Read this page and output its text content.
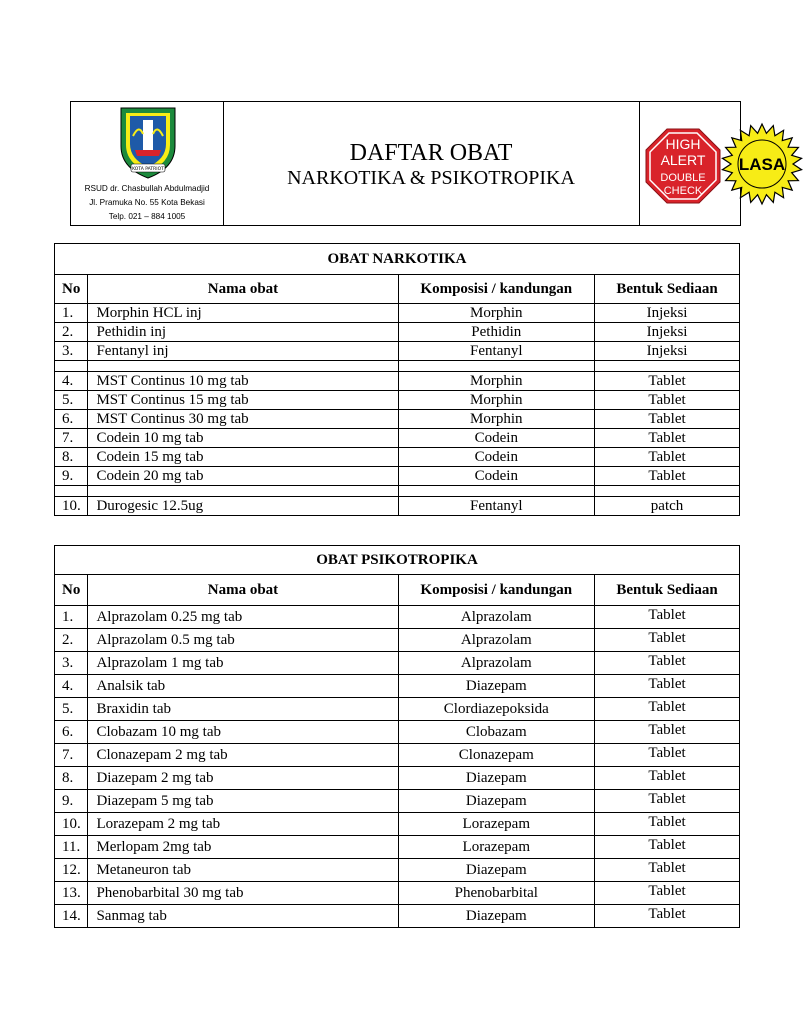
KOTA PATRIOT
RSUD dr. Chasbullah Abdulmadjid
Jl. Pramuka No. 55 Kota Bekasi
Telp. 021 – 884 1005
DAFTAR OBAT
NARKOTIKA & PSIKOTROPIKA
HIGH
ALERT
DOUBLE
CHECK
LASA
OBAT NARKOTIKA			
No	Nama obat	Komposisi / kandungan	Bentuk Sediaan
1.	Morphin HCL inj	Morphin	Injeksi
2.	Pethidin inj	Pethidin	Injeksi
3.	Fentanyl inj	Fentanyl	Injeksi

4.	MST Continus 10 mg tab	Morphin	Tablet
5.	MST Continus 15 mg tab	Morphin	Tablet
6.	MST Continus 30 mg tab	Morphin	Tablet
7.	Codein 10 mg tab	Codein	Tablet
8.	Codein 15 mg tab	Codein	Tablet
9.	Codein 20 mg tab	Codein	Tablet

10.	Durogesic 12.5ug	Fentanyl	patch
OBAT PSIKOTROPIKA			
No	Nama obat	Komposisi / kandungan	Bentuk Sediaan
1.	Alprazolam 0.25 mg tab	Alprazolam	Tablet
2.	Alprazolam 0.5 mg tab	Alprazolam	Tablet
3.	Alprazolam 1 mg tab	Alprazolam	Tablet
4.	Analsik tab	Diazepam	Tablet
5.	Braxidin tab	Clordiazepoksida	Tablet
6.	Clobazam 10 mg tab	Clobazam	Tablet
7.	Clonazepam 2 mg tab	Clonazepam	Tablet
8.	Diazepam 2 mg tab	Diazepam	Tablet
9.	Diazepam 5 mg tab	Diazepam	Tablet
10.	Lorazepam 2 mg tab	Lorazepam	Tablet
11.	Merlopam 2mg tab	Lorazepam	Tablet
12.	Metaneuron tab	Diazepam	Tablet
13.	Phenobarbital 30 mg tab	Phenobarbital	Tablet
14.	Sanmag tab	Diazepam	Tablet
